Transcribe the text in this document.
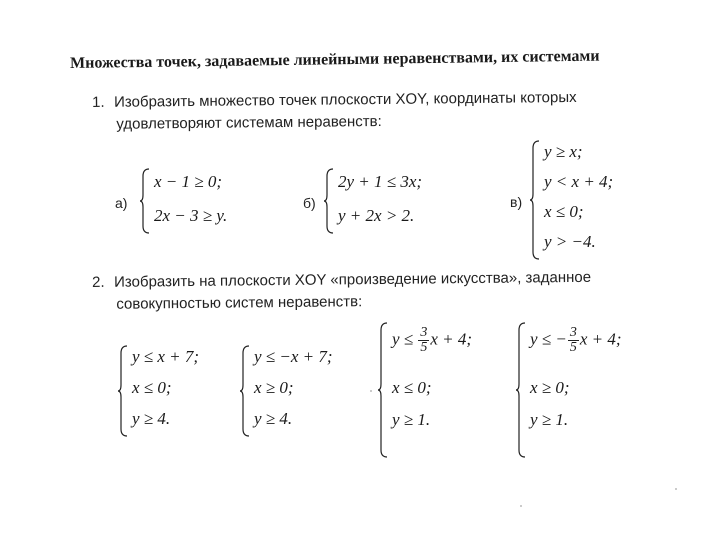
Множества точек, задаваемые линейными неравенствами, их системами
1. Изобразить множество точек плоскости XOY, координаты которых
удовлетворяют системам неравенств:
а)
x − 1 ≥ 0;
2x − 3 ≥ y.
б)
2y + 1 ≤ 3x;
y + 2x > 2.
в)
y ≥ x;
y < x + 4;
x ≤ 0;
y > −4.
2. Изобразить на плоскости XOY «произведение искусства», заданное
совокупностью систем неравенств:
y ≤ x + 7;
x ≤ 0;
y ≥ 4.
y ≤ −x + 7;
x ≥ 0;
y ≥ 4.
$y \le \frac{3}{5}$ x + 4;
x ≤ 0;
y ≥ 1.
y ≤ − $\frac{3}{5}$ x + 4;
x ≥ 0;
y ≥ 1.
